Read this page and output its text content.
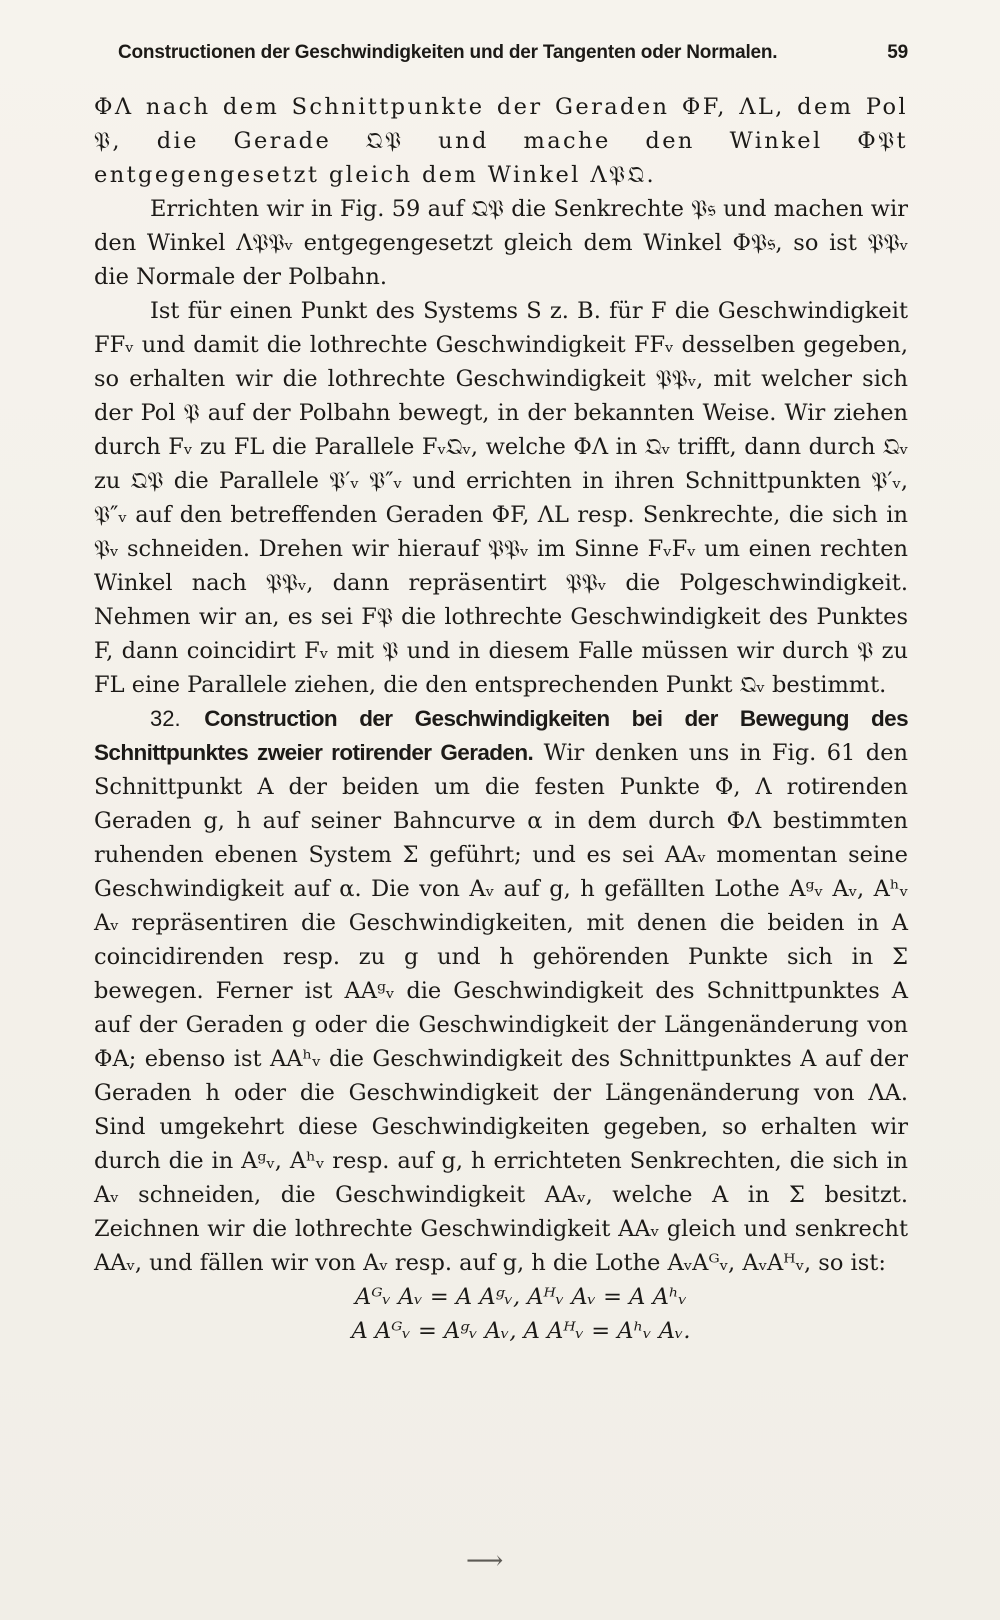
Constructionen der Geschwindigkeiten und der Tangenten oder Normalen.	59

ΦΛ nach dem Schnittpunkte der Geraden ΦF, ΛL, dem Pol 𝔓, die Gerade 𝔔𝔓 und mache den Winkel Φ𝔓t entgegengesetzt gleich dem Winkel Λ𝔓𝔔.

Errichten wir in Fig. 59 auf 𝔔𝔓 die Senkrechte 𝔓𝔰 und machen wir den Winkel Λ𝔓𝔓ᵥ entgegengesetzt gleich dem Winkel Φ𝔓𝔰, so ist 𝔓𝔓ᵥ die Normale der Polbahn.

Ist für einen Punkt des Systems S z. B. für F die Geschwindigkeit FFᵥ und damit die lothrechte Geschwindigkeit FFᵥ desselben gegeben, so erhalten wir die lothrechte Geschwindigkeit 𝔓𝔓ᵥ, mit welcher sich der Pol 𝔓 auf der Polbahn bewegt, in der bekannten Weise. Wir ziehen durch Fᵥ zu FL die Parallele Fᵥ𝔔ᵥ, welche ΦΛ in 𝔔ᵥ trifft, dann durch 𝔔ᵥ zu 𝔔𝔓 die Parallele 𝔓′ᵥ 𝔓″ᵥ und errichten in ihren Schnittpunkten 𝔓′ᵥ, 𝔓″ᵥ auf den betreffenden Geraden ΦF, ΛL resp. Senkrechte, die sich in 𝔓ᵥ schneiden. Drehen wir hierauf 𝔓𝔓ᵥ im Sinne FᵥFᵥ um einen rechten Winkel nach 𝔓𝔓ᵥ, dann repräsentirt 𝔓𝔓ᵥ die Polgeschwindigkeit. Nehmen wir an, es sei F𝔓 die lothrechte Geschwindigkeit des Punktes F, dann coincidirt Fᵥ mit 𝔓 und in diesem Falle müssen wir durch 𝔓 zu FL eine Parallele ziehen, die den entsprechenden Punkt 𝔔ᵥ bestimmt.

32. Construction der Geschwindigkeiten bei der Bewegung des Schnittpunktes zweier rotirender Geraden. Wir denken uns in Fig. 61 den Schnittpunkt A der beiden um die festen Punkte Φ, Λ rotirenden Geraden g, h auf seiner Bahncurve α in dem durch ΦΛ bestimmten ruhenden ebenen System Σ geführt; und es sei AAᵥ momentan seine Geschwindigkeit auf α. Die von Aᵥ auf g, h gefällten Lothe Aᵍᵥ Aᵥ, Aʰᵥ Aᵥ repräsentiren die Geschwindigkeiten, mit denen die beiden in A coincidirenden resp. zu g und h gehörenden Punkte sich in Σ bewegen. Ferner ist AAᵍᵥ die Geschwindigkeit des Schnittpunktes A auf der Geraden g oder die Geschwindigkeit der Längenänderung von ΦA; ebenso ist AAʰᵥ die Geschwindigkeit des Schnittpunktes A auf der Geraden h oder die Geschwindigkeit der Längenänderung von ΛA. Sind umgekehrt diese Geschwindigkeiten gegeben, so erhalten wir durch die in Aᵍᵥ, Aʰᵥ resp. auf g, h errichteten Senkrechten, die sich in Aᵥ schneiden, die Geschwindigkeit AAᵥ, welche A in Σ besitzt. Zeichnen wir die lothrechte Geschwindigkeit AAᵥ gleich und senkrecht AAᵥ, und fällen wir von Aᵥ resp. auf g, h die Lothe AᵥAᴳᵥ, AᵥAᴴᵥ, so ist:

Aᴳᵥ Aᵥ = A Aᵍᵥ, Aᴴᵥ Aᵥ = A Aʰᵥ
A Aᴳᵥ = Aᵍᵥ Aᵥ, A Aᴴᵥ = Aʰᵥ Aᵥ.
⟶
